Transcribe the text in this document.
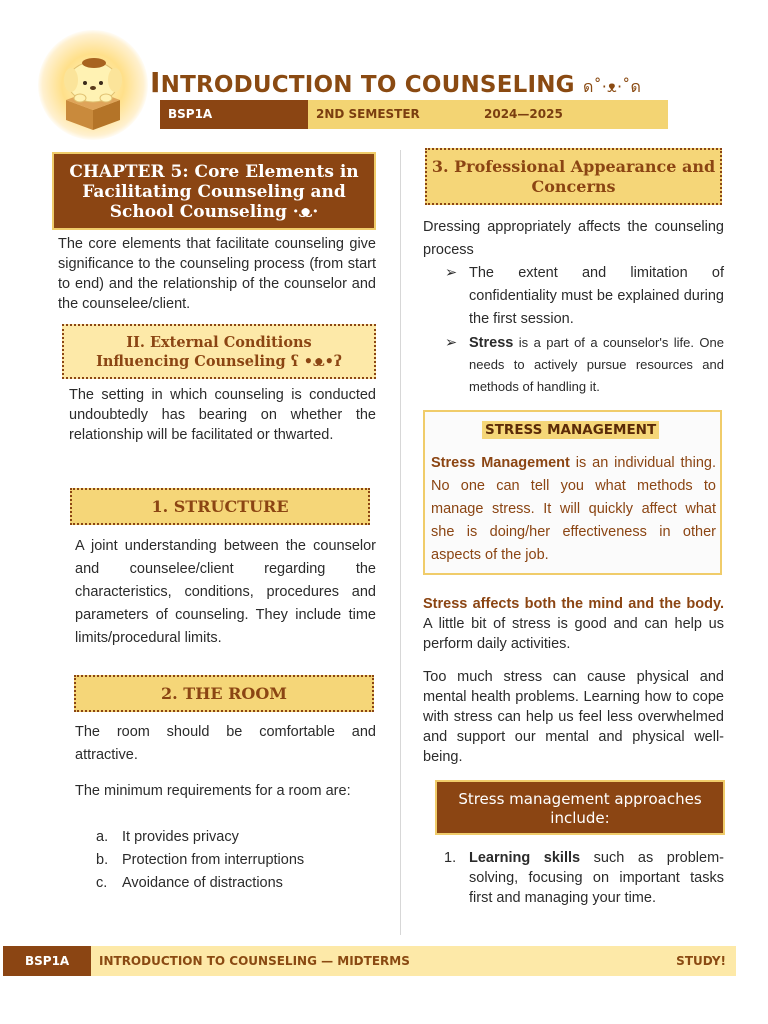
INTRODUCTION TO COUNSELING ด˚·ᴥ·˚ด
BSP1A	2ND SEMESTER	2024—2025
CHAPTER 5: Core Elements in Facilitating Counseling and School Counseling ·ᴥ·

The core elements that facilitate counseling give significance to the counseling process (from start to end) and the relationship of the counselor and the counselee/client.

II. External Conditions
Influencing Counseling ʕ •ᴥ•ʔ

The setting in which counseling is conducted undoubtedly has bearing on whether the relationship will be facilitated or thwarted.

1. STRUCTURE

A joint understanding between the counselor and counselee/client regarding the characteristics, conditions, procedures and parameters of counseling. They include time limits/procedural limits.

2. THE ROOM

The room should be comfortable and attractive.

The minimum requirements for a room are:

a. It provides privacy
b. Protection from interruptions
c. Avoidance of distractions
3. Professional Appearance and Concerns

Dressing appropriately affects the counseling process

➢ The extent and limitation of confidentiality must be explained during the first session.
➢ Stress is a part of a counselor's life. One needs to actively pursue resources and methods of handling it.
STRESS MANAGEMENT

Stress Management is an individual thing. No one can tell you what methods to manage stress. It will quickly affect what she is doing/her effectiveness in other aspects of the job.

Stress affects both the mind and the body. A little bit of stress is good and can help us perform daily activities.

Too much stress can cause physical and mental health problems. Learning how to cope with stress can help us feel less overwhelmed and support our mental and physical well-being.

Stress management approaches include:
1. Learning skills such as problem-solving, focusing on important tasks first and managing your time.
BSP1A	INTRODUCTION TO COUNSELING — MIDTERMS	STUDY!
